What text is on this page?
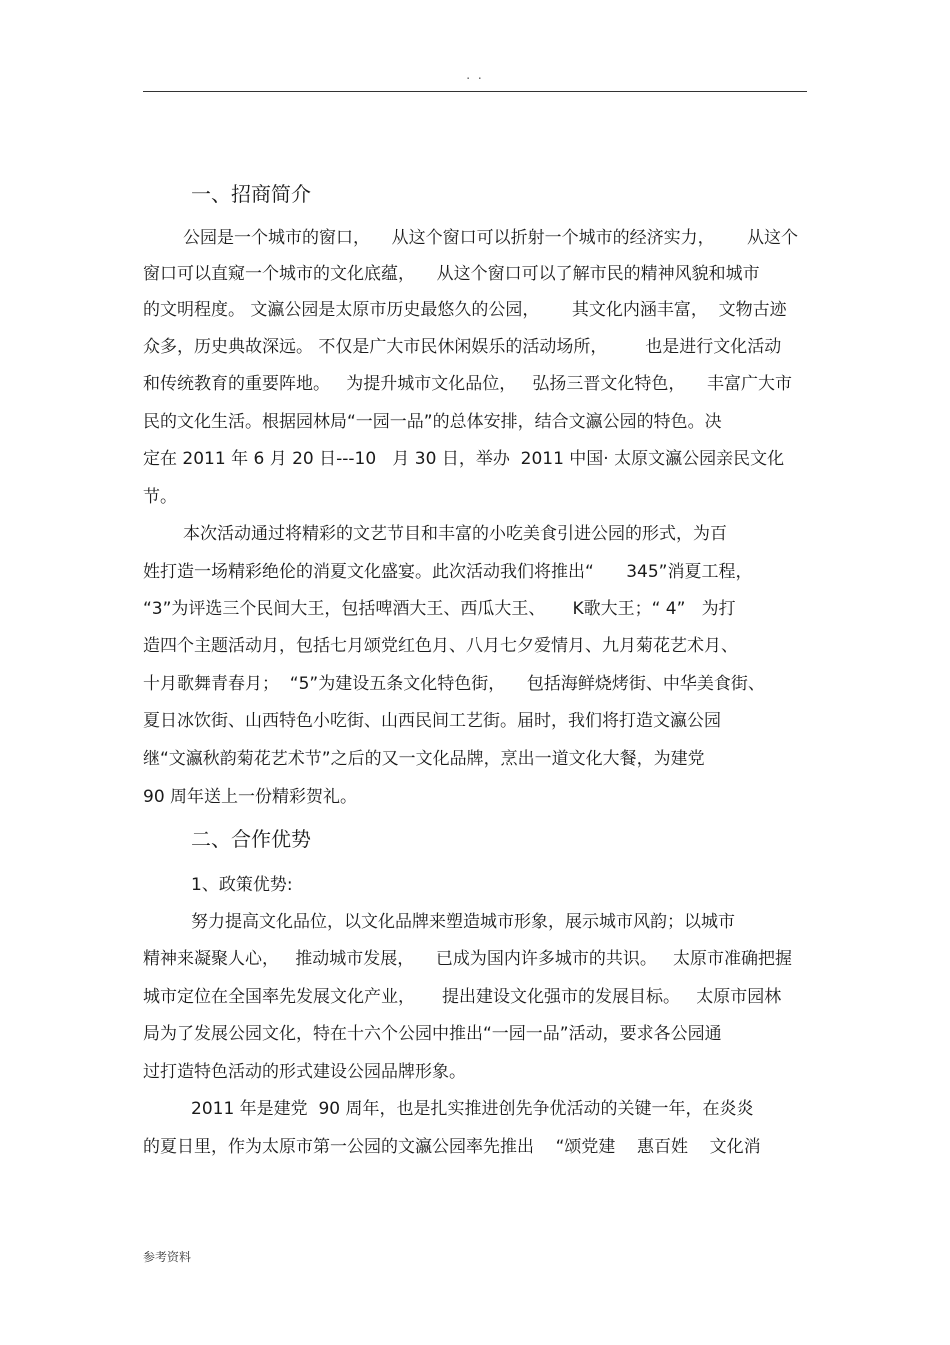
. .
一、招商简介
公园是一个城市的窗口，    从这个窗口可以折射一个城市的经济实力，      从这个
窗口可以直窥一个城市的文化底蕴，    从这个窗口可以了解市民的精神风貌和城市
的文明程度。 文瀛公园是太原市历史最悠久的公园，      其文化内涵丰富，  文物古迹
众多，历史典故深远。 不仅是广大市民休闲娱乐的活动场所，       也是进行文化活动
和传统教育的重要阵地。   为提升城市文化品位，   弘扬三晋文化特色，    丰富广大市
民的文化生活。根据园林局“一园一品”的总体安排，结合文瀛公园的特色。决
定在 2011 年 6 月 20 日---10   月 30 日，举办  2011 中国· 太原文瀛公园亲民文化
节。
本次活动通过将精彩的文艺节目和丰富的小吃美食引进公园的形式，为百
姓打造一场精彩绝伦的消夏文化盛宴。此次活动我们将推出“      345”消夏工程，
“3”为评选三个民间大王，包括啤酒大王、西瓜大王、     K歌大王；“ 4”   为打
造四个主题活动月，包括七月颂党红色月、八月七夕爱情月、九月菊花艺术月、
十月歌舞青春月；  “5”为建设五条文化特色街，    包括海鲜烧烤街、中华美食街、
夏日冰饮街、山西特色小吃街、山西民间工艺街。届时，我们将打造文瀛公园
继“文瀛秋韵菊花艺术节”之后的又一文化品牌，烹出一道文化大餐，为建党
90 周年送上一份精彩贺礼。
二、合作优势
1、政策优势:
努力提高文化品位，以文化品牌来塑造城市形象，展示城市风韵；以城市
精神来凝聚人心，   推动城市发展，    已成为国内许多城市的共识。   太原市准确把握
城市定位在全国率先发展文化产业，     提出建设文化强市的发展目标。   太原市园林
局为了发展公园文化，特在十六个公园中推出“一园一品”活动，要求各公园通
过打造特色活动的形式建设公园品牌形象。
2011 年是建党  90 周年，也是扎实推进创先争优活动的关键一年，在炎炎
的夏日里，作为太原市第一公园的文瀛公园率先推出    “颂党建    惠百姓    文化消
参考资料
